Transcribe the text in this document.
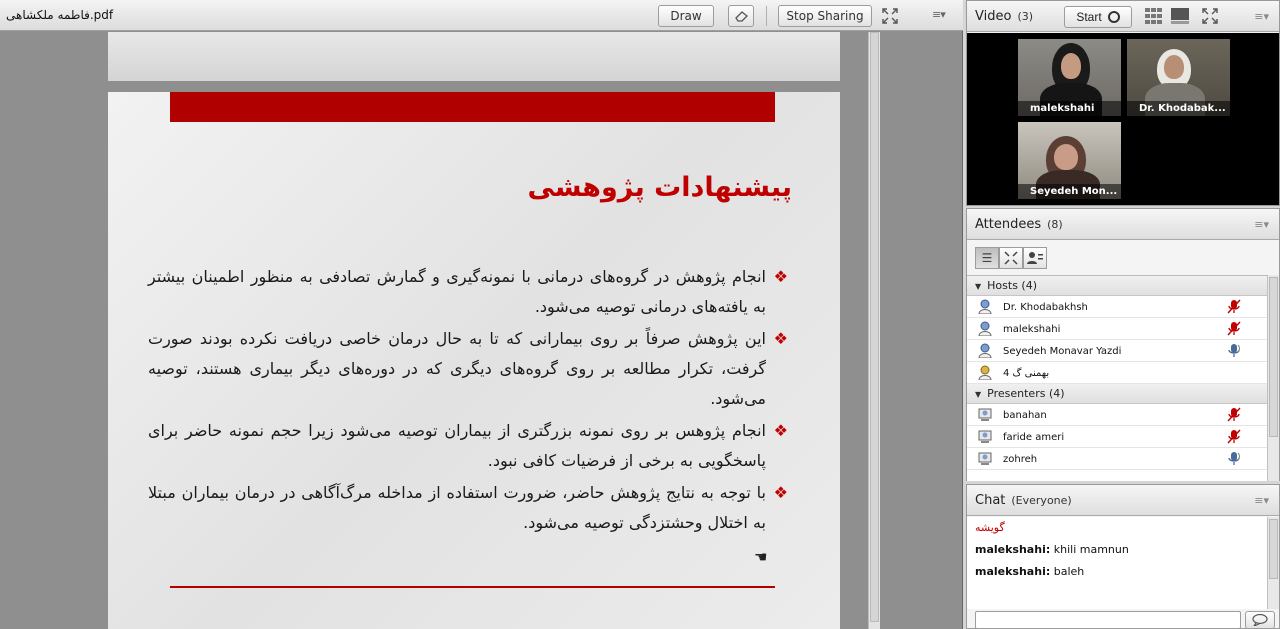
فاطمه ملکشاهی.pdf	Draw	Stop Sharing	≡▾
پیشنهادات پژوهشی
❖
انجام پژوهش در گروه‌های درمانی با نمونه‌گیری و گمارش تصادفی به منظور اطمینان بیشتر به یافته‌های درمانی توصیه می‌شود.
❖
این پژوهش صرفاً بر روی بیمارانی که تا به حال درمان خاصی دریافت نکرده بودند صورت گرفت، تکرار مطالعه بر روی گروه‌های دیگری که در دوره‌های دیگر بیماری هستند، توصیه می‌شود.
❖
انجام پژوهس بر روی نمونه بزرگتری از بیماران توصیه می‌شود زیرا حجم نمونه حاضر برای پاسخگویی به برخی از فرضیات کافی نبود.
❖
با توجه به نتایج پژوهش حاضر، ضرورت استفاده از مداخله مرگ‌آگاهی در درمان بیماران مبتلا به اختلال وحشتزدگی توصیه می‌شود.
☚
Video (3)	≡▾
malekshahi	Dr. Khodabak...
Seyedeh Mon...
Start
Attendees (8)	≡▾
☰
▼ Hosts (4)
Dr. Khodabakhsh
malekshahi
Seyedeh Monavar Yazdi
4 بهمنی گ
▼ Presenters (4)
banahan
faride ameri
zohreh
Chat (Everyone)	≡▾
گويشه
malekshahi: khili mamnun
malekshahi: baleh
